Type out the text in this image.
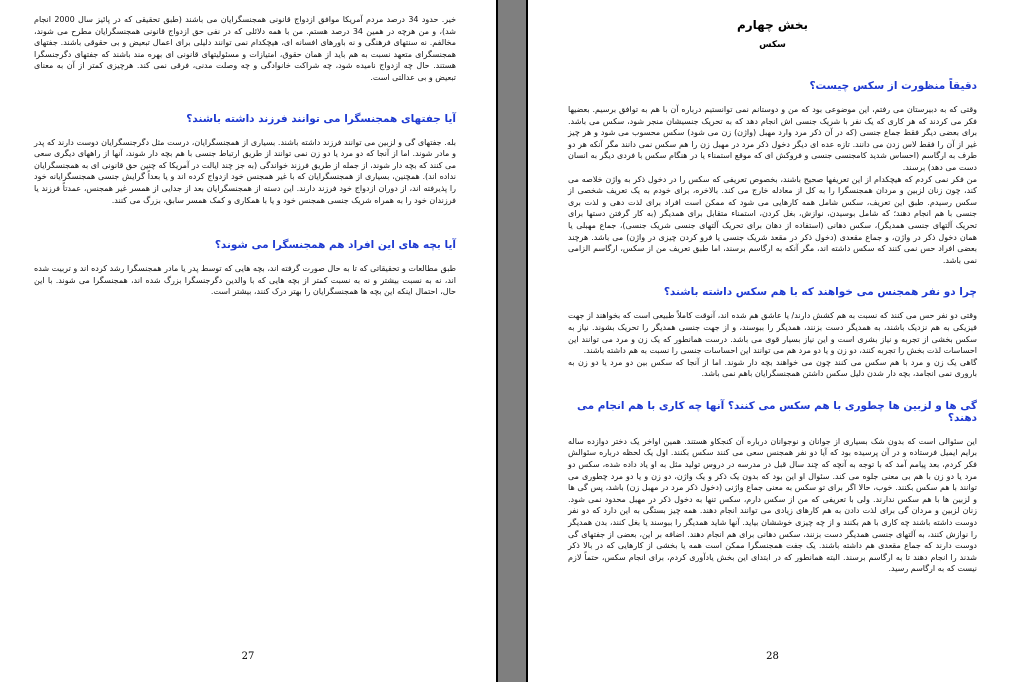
خیر. حدود 34 درصد مردم آمریکا موافق ازدواج قانونی همجنسگرایان می باشند (طبق تحقیقی که در پائیز سال 2000 انجام شد)، و من هرچه در همین 34 درصد هستم. من با همه دلائلی که در نفی حق ازدواج قانونی همجنسگرایان مطرح می شوند، مخالفم. نه سنتهای فرهنگی و نه باورهای افسانه ای، هیچکدام نمی توانند دلیلی برای اعمال تبعیض و بی حقوقی باشند. جفتهای همجنسگرای متعهد نسبت به هم باید از همان حقوق، امتیازات و مسئولیتهای قانونی ای بهره مند باشند که جفتهای دگرجنسگرا هستند. حال چه ازدواج نامیده شود، چه شراکت خانوادگی و چه وصلت مدنی، فرقی نمی کند. هرچیزی کمتر از آن به معنای تبعیض و بی عدالتی است.

آیا جفتهای همجنسگرا می توانند فرزند داشته باشند؟

بله. جفتهای گی و لزبین می توانند فرزند داشته باشند. بسیاری از همجنسگرایان، درست مثل دگرجنسگرایان دوست دارند که پدر و مادر شوند. اما از آنجا که دو مرد یا دو زن نمی توانند از طریق ارتباط جنسی با هم بچه دار شوند، آنها از راههای دیگری سعی می کنند که بچه دار شوند، از جمله از طریق فرزند خواندگی (به جز چند ایالت در آمریکا که چنین حق قانونی ای به همجنسگرایان نداده اند). همچنین، بسیاری از همجنسگرایان که با غیر همجنس خود ازدواج کرده اند و یا بعداً گرایش جنسی همجنسگرایانه خود را پذیرفته اند، از دوران ازدواج خود فرزند دارند. این دسته از همجنسگرایان بعد از جدایی از همسر غیر همجنس، عمدتاً فرزند یا فرزندان خود را به همراه شریک جنسی همجنس خود و یا با همکاری و کمک همسر سابق، بزرگ می کنند.

آیا بچه های این افراد هم همجنسگرا می شوند؟

طبق مطالعات و تحقیقاتی که تا به حال صورت گرفته اند، بچه هایی که توسط پدر یا مادر همجنسگرا رشد کرده اند و تربیت شده اند، نه به نسبت بیشتر و نه به نسبت کمتر از بچه هایی که با والدین دگرجنسگرا بزرگ شده اند، همجنسگرا می شوند. با این حال، احتمال اینکه این بچه ها همجنسگرایان را بهتر درک کنند، بیشتر است.

27
بخش چهارم
سکس
دقیقاً منظورت از سکس چیست؟

وقتی که به دبیرستان می رفتم، این موضوعی بود که من و دوستانم نمی توانستیم درباره آن با هم به توافق برسیم. بعضیها فکر می کردند که هر کاری که یک نفر با شریک جنسی اش انجام دهد که به تحریک جنسیشان منجر شود، سکس می باشد. برای بعضی دیگر فقط جماع جنسی (که در آن ذکر مرد وارد مهبل (واژن) زن می شود) سکس محسوب می شود و هر چیز غیر از آن را فقط لاس زدن می دانند. تازه عده ای دیگر دخول ذکر مرد در مهبل زن را هم سکس نمی دانند مگر آنکه هر دو طرف به ارگاسم (احساس شدید کامجنسی جنسی و فروکش ای که موقع استمناء یا در هنگام سکس با فردی دیگر به انسان دست می دهد) برسند.

من فکر نمی کردم که هیچکدام از این تعریفها صحیح باشند، بخصوص تعریفی که سکس را در دخول ذکر به واژن خلاصه می کند، چون زنان لزبین و مردان همجنسگرا را به کل از معادله خارج می کند. بالاخره، برای خودم به یک تعریف شخصی از سکس رسیدم. طبق این تعریف، سکس شامل همه کارهایی می شود که ممکن است افراد برای لذت دهی و لذت بری جنسی با هم انجام دهند؛ که شامل بوسیدن، نوازش، بغل کردن، استمناء متقابل برای همدیگر (به کار گرفتن دستها برای تحریک آلتهای جنسی همدیگر)، سکس دهانی (استفاده از دهان برای تحریک آلتهای جنسی شریک جنسی)، جماع مهبلی یا همان دخول ذکر در واژن، و جماع مقعدی (دخول ذکر در مقعد شریک جنسی یا فرو کردن چیزی در واژن) می باشد. هرچند بعضی افراد حس نمی کنند که سکس داشته اند، مگر آنکه به ارگاسم برسند، اما طبق تعریف من از سکس، ارگاسم الزامی نمی باشد.

چرا دو نفر همجنس می خواهند که با هم سکس داشته باشند؟

وقتی دو نفر حس می کنند که نسبت به هم کشش دارند/ یا عاشق هم شده اند، آنوقت کاملاً طبیعی است که بخواهند از جهت فیزیکی به هم نزدیک باشند، به همدیگر دست بزنند، همدیگر را ببوسند، و از جهت جنسی همدیگر را تحریک بشوند. نیاز به سکس بخشی از تجربه و نیاز بشری است و این نیاز بسیار قوی می باشد. درست همانطور که یک زن و مرد می توانند این احساسات لذت بخش را تجربه کنند، دو زن و یا دو مرد هم می توانند این احساسات جنسی را نسبت به هم داشته باشند.

گاهی یک زن و مرد با هم سکس می کنند چون می خواهند بچه دار شوند. اما از آنجا که سکس بین دو مرد یا دو زن به باروری نمی انجامد، بچه دار شدن دلیل سکس داشتن همجنسگرایان باهم نمی باشد.

گی ها و لزبین ها چطوری با هم سکس می کنند؟ آنها چه کاری با هم انجام می دهند؟

این سئوالی است که بدون شک بسیاری از جوانان و نوجوانان درباره آن کنجکاو هستند. همین اواخر یک دختر دوازده ساله برایم ایمیل فرستاده و در آن پرسیده بود که آیا دو نفر همجنس سعی می کنند سکس بکنند. اول یک لحظه درباره سئوالش فکر کردم، بعد پیامم آمد که با توجه به آنچه که چند سال قبل در مدرسه در دروس تولید مثل به او یاد داده شده، سکس دو مرد یا دو زن با هم بی معنی جلوه می کند. سئوال او این بود که بدون یک ذکر و یک واژن، دو زن و یا دو مرد چطوری می توانند با هم سکس بکنند. خوب، حالا اگر برای تو سکس به معنی جماع واژنی (دخول ذکر مرد در مهبل زن) باشد، پس گی ها و لزبین ها با هم سکس ندارند. ولی با تعریفی که من از سکس دارم، سکس تنها به دخول ذکر در مهبل محدود نمی شود. زنان لزبین و مردان گی برای لذت دادن به هم کارهای زیادی می توانند انجام دهند. همه چیز بستگی به این دارد که دو نفر دوست داشته باشند چه کاری با هم بکنند و از چه چیزی خوششان بیاید. آنها شاید همدیگر را ببوسند یا بغل کنند، بدن همدیگر را نوازش کنند، به آلتهای جنسی همدیگر دست بزنند، سکس دهانی برای هم انجام دهند. اضافه بر این، بعضی از جفتهای گی دوست دارند که جماع مقعدی هم داشته باشند. یک جفت همجنسگرا ممکن است همه یا بخشی از کارهایی که در بالا ذکر شدند را انجام دهند تا به ارگاسم برسند. البته همانطور که در ابتدای این بخش یادآوری کردم، برای انجام سکس، حتماً لازم نیست که به ارگاسم رسید.

28
